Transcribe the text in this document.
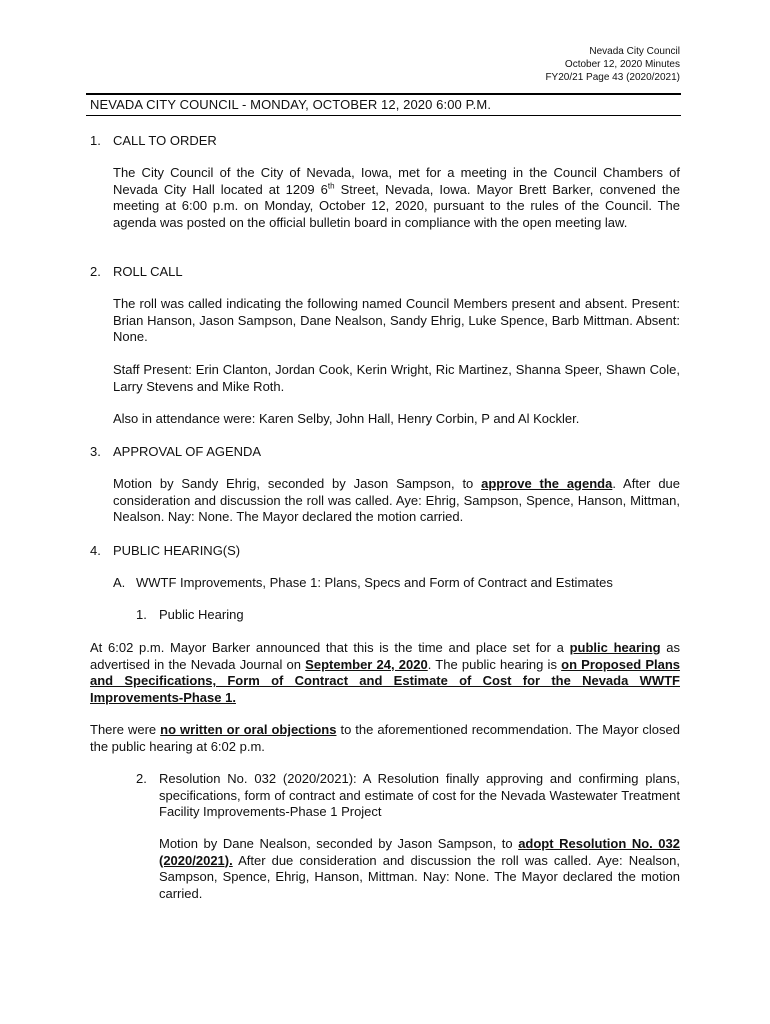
Nevada City Council
October 12, 2020 Minutes
FY20/21 Page 43 (2020/2021)
NEVADA CITY COUNCIL - MONDAY, OCTOBER 12, 2020 6:00 P.M.
1. CALL TO ORDER
The City Council of the City of Nevada, Iowa, met for a meeting in the Council Chambers of Nevada City Hall located at 1209 6th Street, Nevada, Iowa. Mayor Brett Barker, convened the meeting at 6:00 p.m. on Monday, October 12, 2020, pursuant to the rules of the Council. The agenda was posted on the official bulletin board in compliance with the open meeting law.
2. ROLL CALL
The roll was called indicating the following named Council Members present and absent. Present: Brian Hanson, Jason Sampson, Dane Nealson, Sandy Ehrig, Luke Spence, Barb Mittman. Absent: None.
Staff Present: Erin Clanton, Jordan Cook, Kerin Wright, Ric Martinez, Shanna Speer, Shawn Cole, Larry Stevens and Mike Roth.
Also in attendance were: Karen Selby, John Hall, Henry Corbin, P and Al Kockler.
3. APPROVAL OF AGENDA
Motion by Sandy Ehrig, seconded by Jason Sampson, to approve the agenda. After due consideration and discussion the roll was called. Aye: Ehrig, Sampson, Spence, Hanson, Mittman, Nealson. Nay: None. The Mayor declared the motion carried.
4. PUBLIC HEARING(S)
A. WWTF Improvements, Phase 1: Plans, Specs and Form of Contract and Estimates
1. Public Hearing
At 6:02 p.m. Mayor Barker announced that this is the time and place set for a public hearing as advertised in the Nevada Journal on September 24, 2020. The public hearing is on Proposed Plans and Specifications, Form of Contract and Estimate of Cost for the Nevada WWTF Improvements-Phase 1.
There were no written or oral objections to the aforementioned recommendation. The Mayor closed the public hearing at 6:02 p.m.
2. Resolution No. 032 (2020/2021): A Resolution finally approving and confirming plans, specifications, form of contract and estimate of cost for the Nevada Wastewater Treatment Facility Improvements-Phase 1 Project
Motion by Dane Nealson, seconded by Jason Sampson, to adopt Resolution No. 032 (2020/2021). After due consideration and discussion the roll was called. Aye: Nealson, Sampson, Spence, Ehrig, Hanson, Mittman. Nay: None. The Mayor declared the motion carried.
